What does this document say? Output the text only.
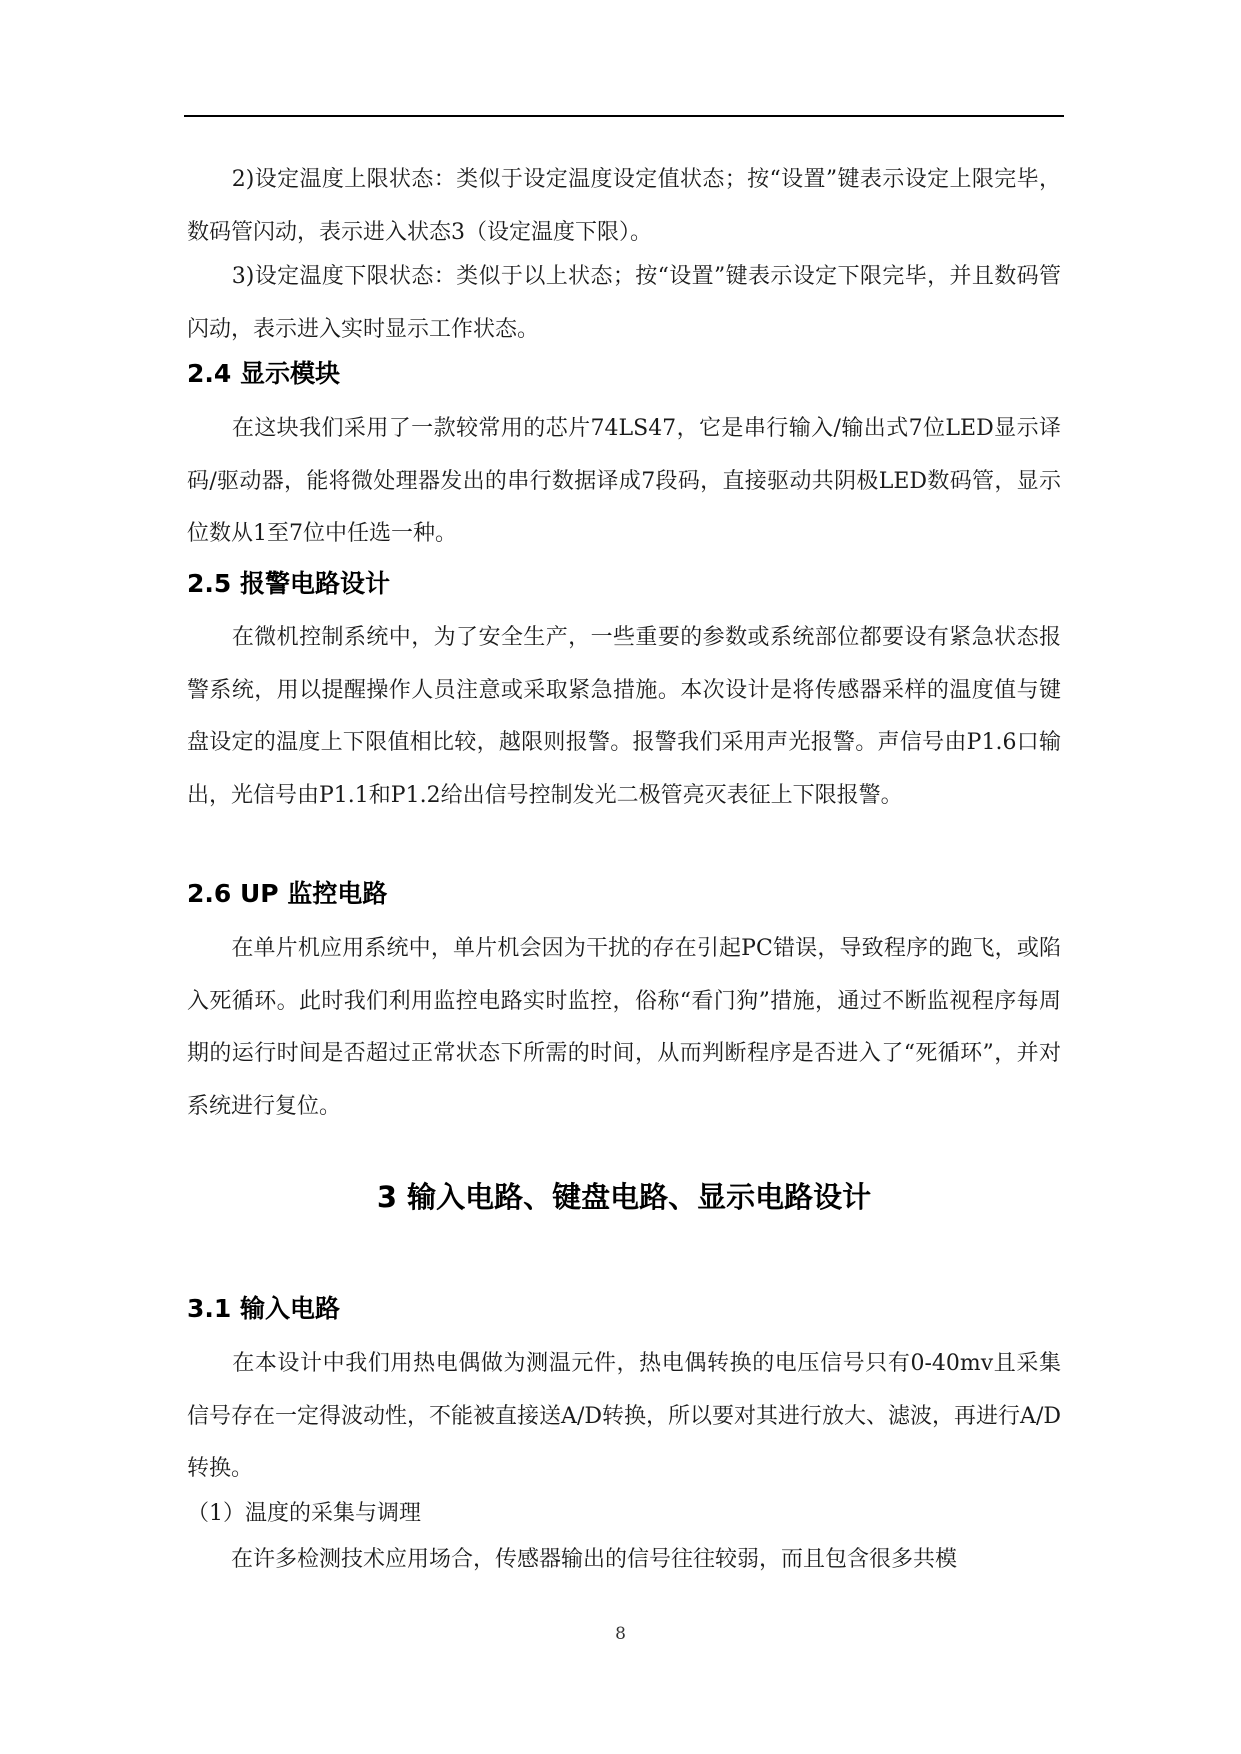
　　2)设定温度上限状态：类似于设定温度设定值状态；按“设置”键表示设定上限完毕，数码管闪动，表示进入状态3（设定温度下限）。

　　3)设定温度下限状态：类似于以上状态；按“设置”键表示设定下限完毕，并且数码管闪动，表示进入实时显示工作状态。

2.4 显示模块

　　在这块我们采用了一款较常用的芯片74LS47，它是串行输入/输出式7位LED显示译码/驱动器，能将微处理器发出的串行数据译成7段码，直接驱动共阴极LED数码管，显示位数从1至7位中任选一种。

2.5 报警电路设计

　　在微机控制系统中，为了安全生产，一些重要的参数或系统部位都要设有紧急状态报警系统，用以提醒操作人员注意或采取紧急措施。本次设计是将传感器采样的温度值与键盘设定的温度上下限值相比较，越限则报警。报警我们采用声光报警。声信号由P1.6口输出，光信号由P1.1和P1.2给出信号控制发光二极管亮灭表征上下限报警。

2.6 UP 监控电路

　　在单片机应用系统中，单片机会因为干扰的存在引起PC错误，导致程序的跑飞，或陷入死循环。此时我们利用监控电路实时监控，俗称“看门狗”措施，通过不断监视程序每周期的运行时间是否超过正常状态下所需的时间，从而判断程序是否进入了“死循环”，并对系统进行复位。

3 输入电路、键盘电路、显示电路设计
3.1 输入电路

　　在本设计中我们用热电偶做为测温元件，热电偶转换的电压信号只有0-40mv且采集信号存在一定得波动性，不能被直接送A/D转换，所以要对其进行放大、滤波，再进行A/D转换。

（1）温度的采集与调理

　　在许多检测技术应用场合，传感器输出的信号往往较弱，而且包含很多共模

8
